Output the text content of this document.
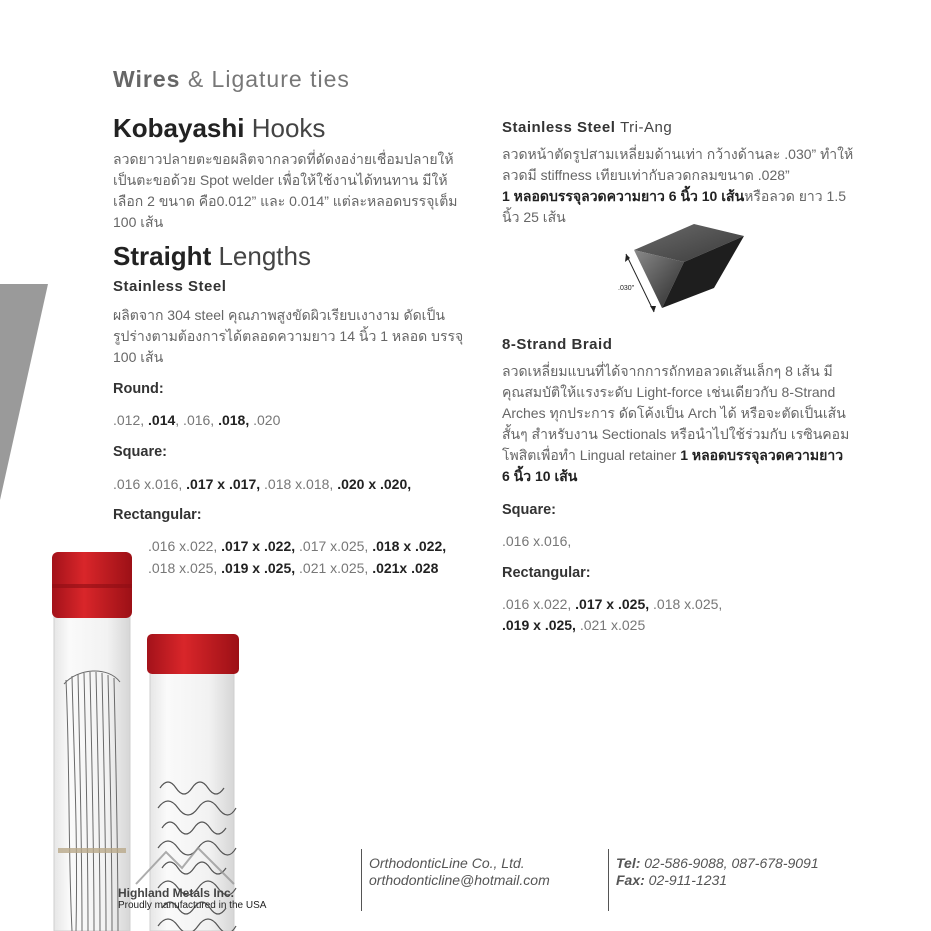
Wires & Ligature ties
Kobayashi Hooks
ลวดยาวปลายตะขอผลิตจากลวดที่ดัดงอง่ายเชื่อมปลายให้
เป็นตะขอด้วย Spot welder เพื่อให้ใช้งานได้ทนทาน มีให้
เลือก 2 ขนาด คือ0.012” และ 0.014” แต่ละหลอดบรรจุเต็ม
100 เส้น
Straight Lengths
Stainless Steel
ผลิตจาก 304 steel คุณภาพสูงขัดผิวเรียบเงางาม ดัดเป็น
รูปร่างตามต้องการได้ตลอดความยาว 14 นิ้ว 1 หลอด บรรจุ
100 เส้น
Round:
.012, .014, .016, .018, .020
Square:
.016 x.016, .017 x .017, .018 x.018, .020 x .020,
Rectangular:
.016 x.022, .017 x .022, .017 x.025, .018 x .022,
.018 x.025, .019 x .025, .021 x.025, .021x .028
Highland Metals Inc.
Proudly manufactured in the USA
Stainless Steel Tri-Ang
ลวดหน้าตัดรูปสามเหลี่ยมด้านเท่า กว้างด้านละ .030” ทำให้
ลวดมี stiffness เทียบเท่ากับลวดกลมขนาด .028”
1 หลอดบรรจุลวดความยาว 6 นิ้ว 10 เส้นหรือลวด ยาว 1.5
นิ้ว 25 เส้น
.030"
8-Strand Braid
ลวดเหลี่ยมแบนที่ได้จากการถักทอลวดเส้นเล็กๆ 8 เส้น มี
คุณสมบัติให้แรงระดับ Light-force เช่นเดียวกับ 8-Strand
Arches ทุกประการ ดัดโค้งเป็น Arch ได้ หรือจะตัดเป็นเส้น
สั้นๆ สำหรับงาน Sectionals หรือนำไปใช้ร่วมกับ เรซินคอม
โพสิตเพื่อทำ Lingual retainer 1 หลอดบรรจุลวดความยาว
6 นิ้ว 10 เส้น
Square:
.016 x.016,
Rectangular:
.016 x.022, .017 x .025, .018 x.025,
.019 x .025, .021 x.025
OrthodonticLine Co., Ltd.
orthodonticline@hotmail.com
Tel: 02-586-9088, 087-678-9091
Fax: 02-911-1231
